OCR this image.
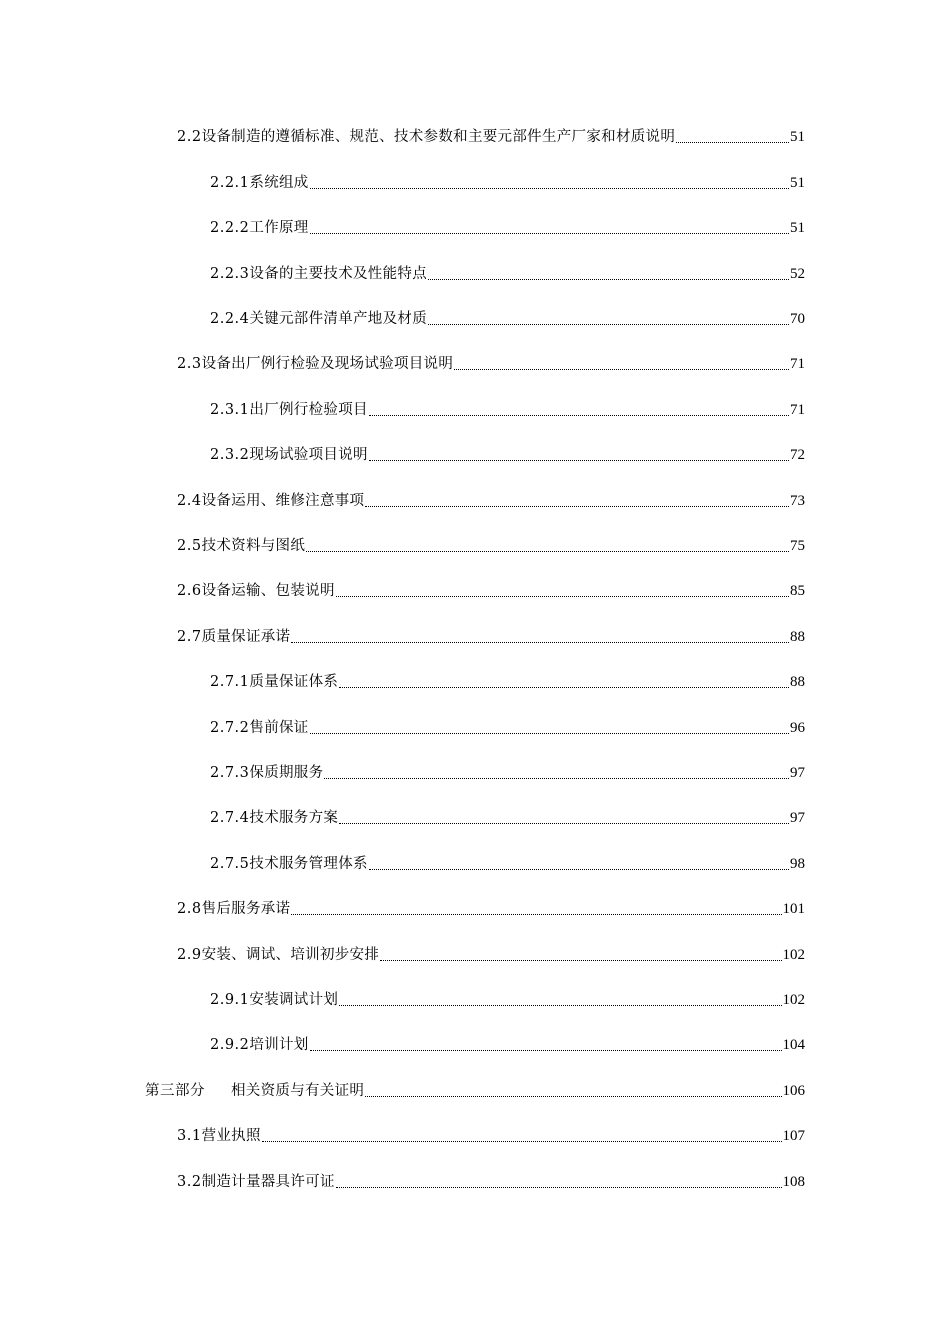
2.2 设备制造的遵循标准、规范、技术参数和主要元部件生产厂家和材质说明	51
2.2.1 系统组成	51
2.2.2 工作原理	51
2.2.3 设备的主要技术及性能特点	52
2.2.4 关键元部件清单产地及材质	70
2.3 设备出厂例行检验及现场试验项目说明	71
2.3.1 出厂例行检验项目	71
2.3.2 现场试验项目说明	72
2.4 设备运用、维修注意事项	73
2.5 技术资料与图纸	75
2.6 设备运输、包装说明	85
2.7 质量保证承诺	88
2.7.1 质量保证体系	88
2.7.2 售前保证	96
2.7.3 保质期服务	97
2.7.4 技术服务方案	97
2.7.5 技术服务管理体系	98
2.8 售后服务承诺	101
2.9 安装、调试、培训初步安排	102
2.9.1 安装调试计划	102
2.9.2 培训计划	104
第三部分 相关资质与有关证明	106
3.1 营业执照	107
3.2 制造计量器具许可证	108
